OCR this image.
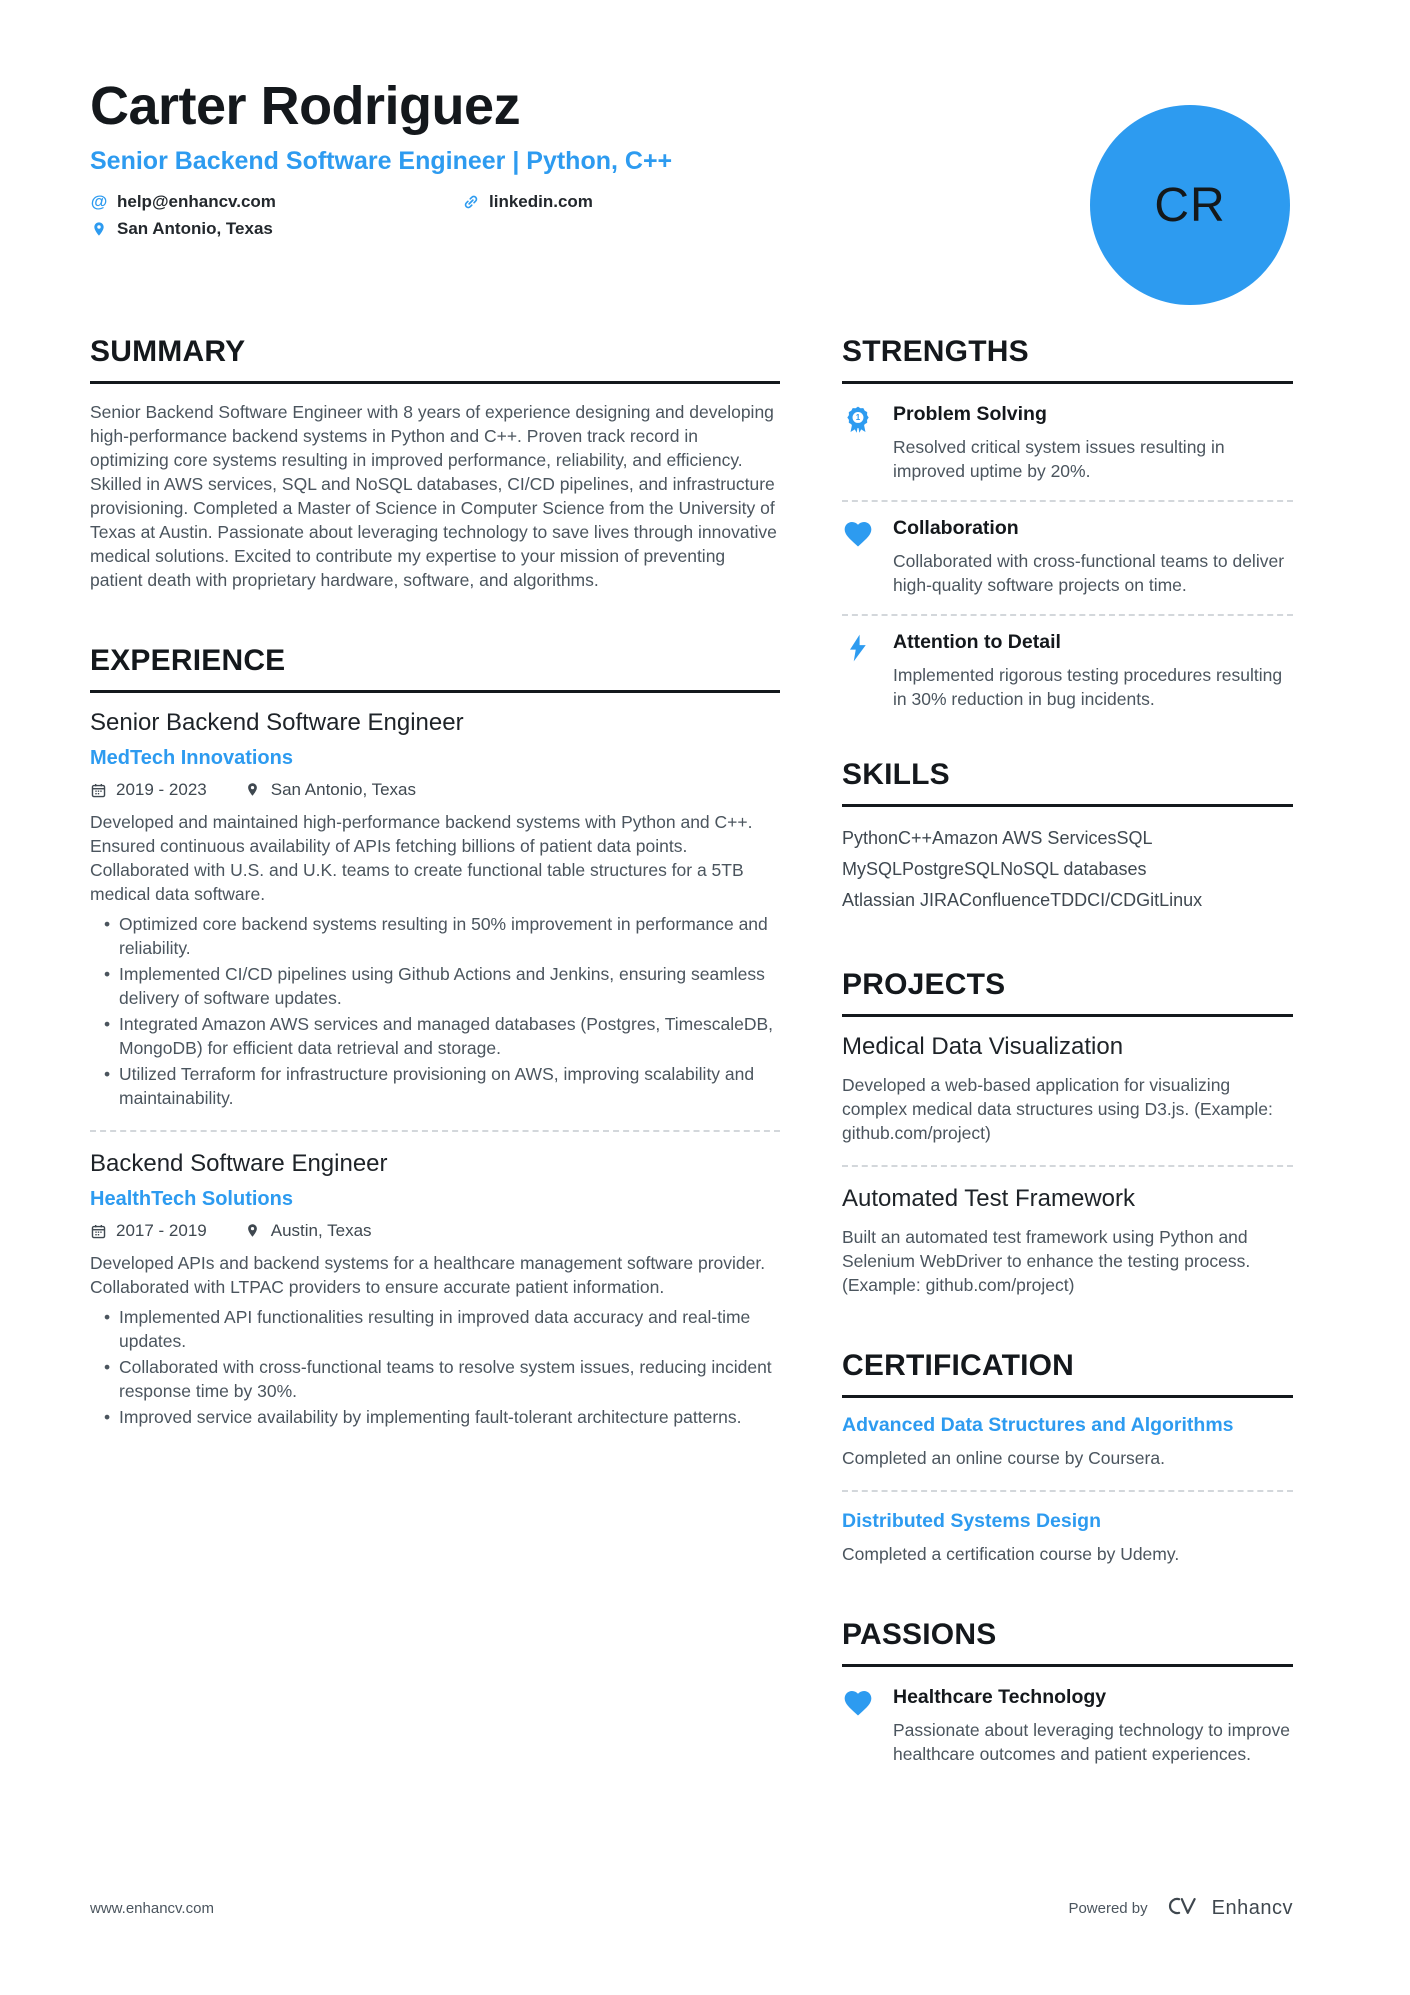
Carter Rodriguez
Senior Backend Software Engineer | Python, C++
@ help@enhancv.com	linkedin.com
San Antonio, Texas
SUMMARY

Senior Backend Software Engineer with 8 years of experience designing and developing high-performance backend systems in Python and C++. Proven track record in optimizing core systems resulting in improved performance, reliability, and efficiency. Skilled in AWS services, SQL and NoSQL databases, CI/CD pipelines, and infrastructure provisioning. Completed a Master of Science in Computer Science from the University of Texas at Austin. Passionate about leveraging technology to save lives through innovative medical solutions. Excited to contribute my expertise to your mission of preventing patient death with proprietary hardware, software, and algorithms.

EXPERIENCE
Senior Backend Software Engineer
MedTech Innovations
2019 - 2023	San Antonio, Texas

Developed and maintained high-performance backend systems with Python and C++. Ensured continuous availability of APIs fetching billions of patient data points. Collaborated with U.S. and U.K. teams to create functional table structures for a 5TB medical data software.

• Optimized core backend systems resulting in 50% improvement in performance and reliability.
• Implemented CI/CD pipelines using Github Actions and Jenkins, ensuring seamless delivery of software updates.
• Integrated Amazon AWS services and managed databases (Postgres, TimescaleDB, MongoDB) for efficient data retrieval and storage.
• Utilized Terraform for infrastructure provisioning on AWS, improving scalability and maintainability.
Backend Software Engineer
HealthTech Solutions
2017 - 2019	Austin, Texas

Developed APIs and backend systems for a healthcare management software provider. Collaborated with LTPAC providers to ensure accurate patient information.

• Implemented API functionalities resulting in improved data accuracy and real-time updates.
• Collaborated with cross-functional teams to resolve system issues, reducing incident response time by 30%.
• Improved service availability by implementing fault-tolerant architecture patterns.
STRENGTHS
1 Problem Solving
Resolved critical system issues resulting in improved uptime by 20%.
Collaboration
Collaborated with cross-functional teams to deliver high-quality software projects on time.
Attention to Detail
Implemented rigorous testing procedures resulting in 30% reduction in bug incidents.
SKILLS
PythonC++Amazon AWS ServicesSQL
MySQLPostgreSQLNoSQL databases
Atlassian JIRAConfluenceTDDCI/CDGitLinux
PROJECTS
Medical Data Visualization
Developed a web-based application for visualizing complex medical data structures using D3.js. (Example: github.com/project)
Automated Test Framework
Built an automated test framework using Python and Selenium WebDriver to enhance the testing process. (Example: github.com/project)
CERTIFICATION
Advanced Data Structures and Algorithms
Completed an online course by Coursera.
Distributed Systems Design
Completed a certification course by Udemy.
PASSIONS
Healthcare Technology
Passionate about leveraging technology to improve healthcare outcomes and patient experiences.
CR
www.enhancv.com	Powered by	Enhancv
